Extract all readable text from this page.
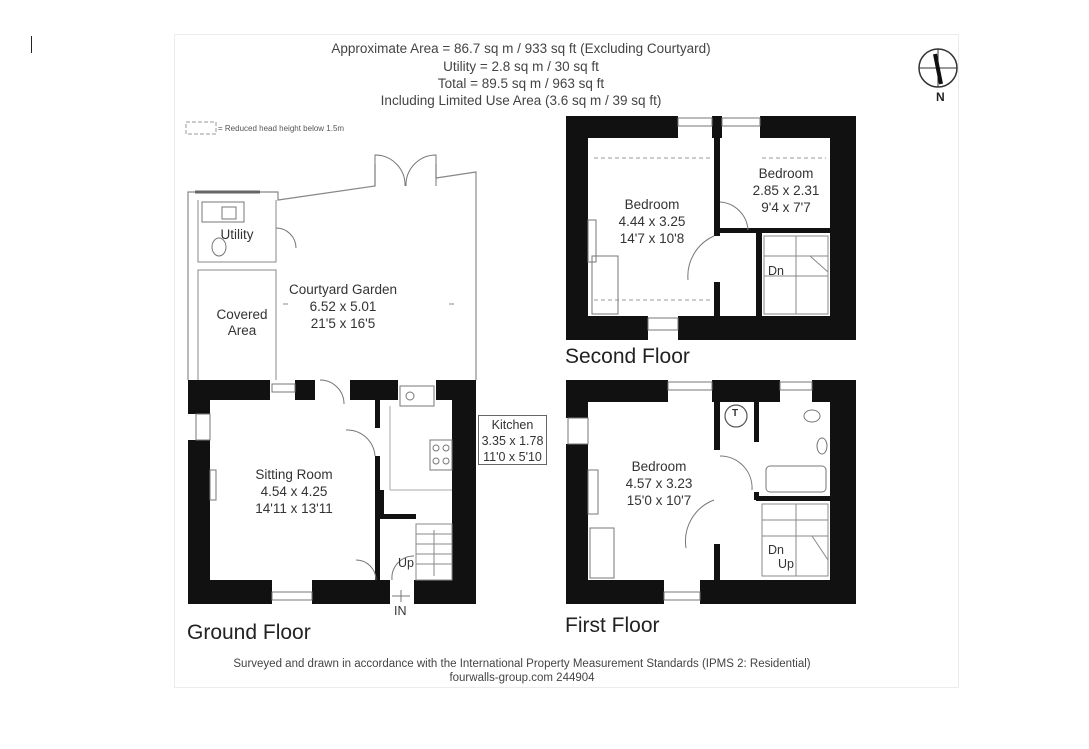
Approximate Area = 86.7 sq m / 933 sq ft (Excluding Courtyard)
Utility = 2.8 sq m / 30 sq ft
Total = 89.5 sq m / 963 sq ft
Including Limited Use Area (3.6 sq m / 39 sq ft)
= Reduced head height below 1.5m
N
Utility
Courtyard Garden
6.52 x 5.01
21'5 x 16'5
Covered
Area
Sitting Room
4.54 x 4.25
14'11 x 13'11
Kitchen
3.35 x 1.78
11'0 x 5'10
Up
IN
Ground Floor
Bedroom
4.44 x 3.25
14'7 x 10'8
Bedroom
2.85 x 2.31
9'4 x 7'7
Dn
Second Floor
Bedroom
4.57 x 3.23
15'0 x 10'7
T
Dn
Up
First Floor
Surveyed and drawn in accordance with the International Property Measurement Standards (IPMS 2: Residential)
fourwalls-group.com 244904
